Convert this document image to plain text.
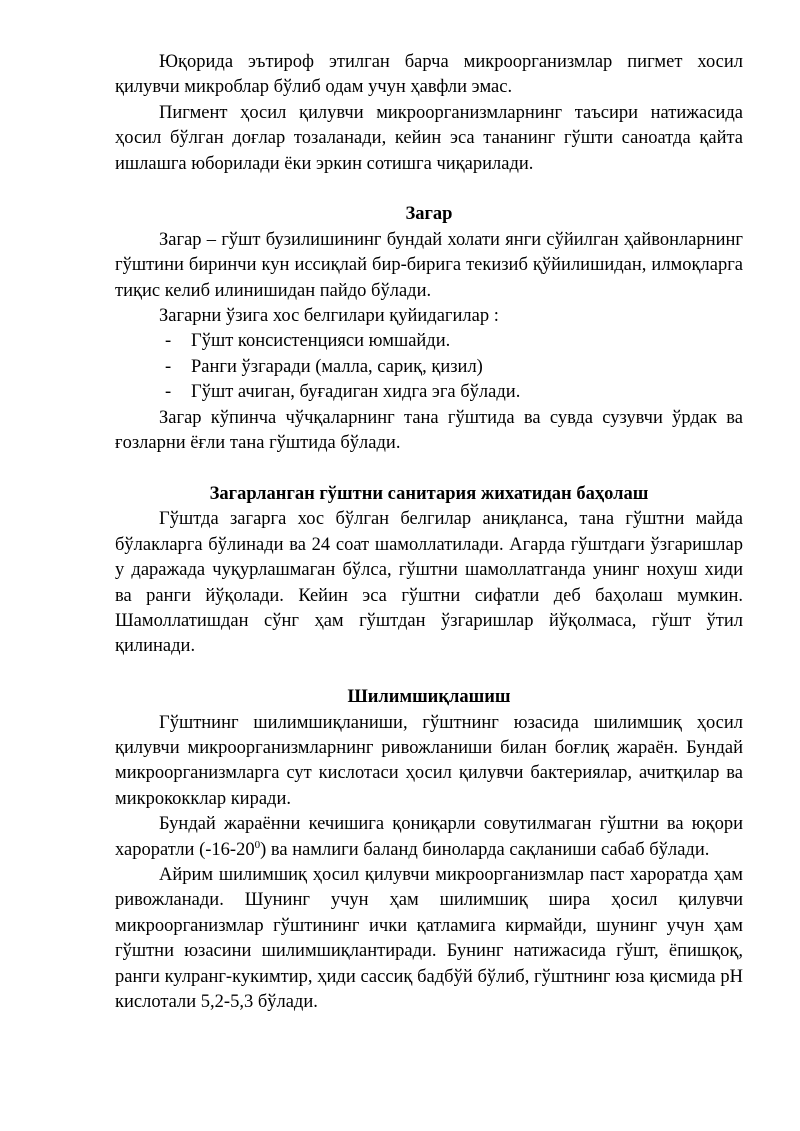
Юқорида эътироф этилган барча микроорганизмлар пигмет хосил қилувчи микроблар бўлиб одам учун ҳавфли эмас.

Пигмент ҳосил қилувчи микроорганизмларнинг таъсири натижасида ҳосил бўлган доғлар тозаланади, кейин эса тананинг гўшти саноатда қайта ишлашга юборилади ёки эркин сотишга чиқарилади.

Загар

Загар – гўшт бузилишининг бундай холати янги сўйилган ҳайвонларнинг гўштини биринчи кун иссиқлай бир-бирига текизиб қўйилишидан, илмоқларга тиқис келиб илинишидан пайдо бўлади.

Загарни ўзига хос белгилари қуйидагилар :

- Гўшт консистенцияси юмшайди.
- Ранги ўзгаради (малла, сариқ, қизил)
- Гўшт ачиган, буғадиган хидга эга бўлади.

Загар кўпинча чўчқаларнинг тана гўштида ва сувда сузувчи ўрдак ва ғозларни ёғли тана гўштида бўлади.

Загарланган гўштни санитария жихатидан баҳолаш

Гўштда загарга хос бўлган белгилар аниқланса, тана гўштни майда бўлакларга бўлинади ва 24 соат шамоллатилади. Агарда гўштдаги ўзгаришлар у даражада чуқурлашмаган бўлса, гўштни шамоллатганда унинг нохуш хиди ва ранги йўқолади. Кейин эса гўштни сифатли деб баҳолаш мумкин. Шамоллатишдан сўнг ҳам гўштдан ўзгаришлар йўқолмаса, гўшт ўтил қилинади.

Шилимшиқлашиш

Гўштнинг шилимшиқланиши, гўштнинг юзасида шилимшиқ ҳосил қилувчи микроорганизмларнинг ривожланиши билан боғлиқ жараён. Бундай микроорганизмларга сут кислотаси ҳосил қилувчи бактериялар, ачитқилар ва микрококклар киради.

Бундай жараённи кечишига қониқарли совутилмаган гўштни ва юқори хароратли $(-16-20^0)$ ва намлиги баланд биноларда сақланиши сабаб бўлади.

Айрим шилимшиқ ҳосил қилувчи микроорганизмлар паст хароратда ҳам ривожланади. Шунинг учун ҳам шилимшиқ шира ҳосил қилувчи микроорганизмлар гўштининг ички қатламига кирмайди, шунинг учун ҳам гўштни юзасини шилимшиқлантиради. Бунинг натижасида гўшт, ёпишқоқ, ранги кулранг-кукимтир, ҳиди сассиқ бадбўй бўлиб, гўштнинг юза қисмида pH кислотали 5,2-5,3 бўлади.
